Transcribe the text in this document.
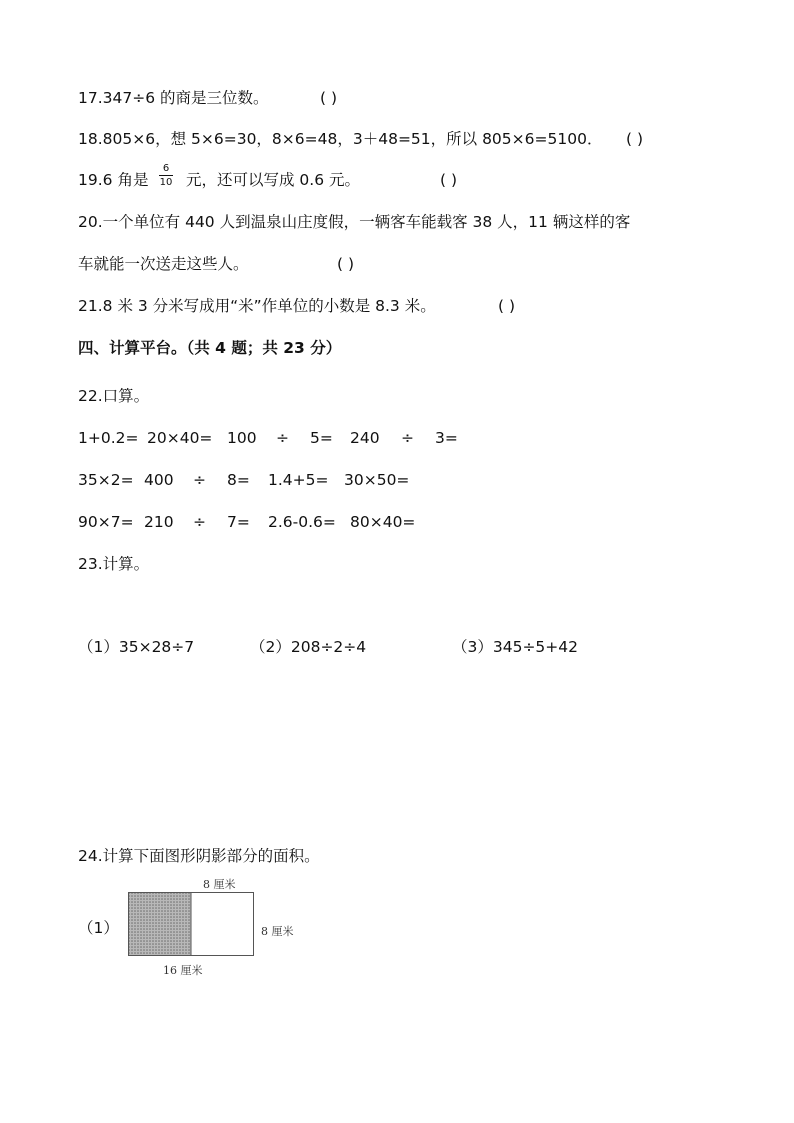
17.347÷6 的商是三位数。	( )
18.805×6，想 5×6=30，8×6=48，3＋48=51，所以 805×6=5100． ( )
19.6 角是
6
10 元，还可以写成 0.6 元。	( )
20.一个单位有 440 人到温泉山庄度假，一辆客车能载客 38 人，11 辆这样的客
车就能一次送走这些人。	( )
21.8 米 3 分米写成用“米”作单位的小数是 8.3 米。	( )
四、计算平台。（共 4 题；共 23 分）
22.口算。
1+0.2= 20×40= 100 ÷ 5= 240 ÷ 3=
35×2= 400 ÷ 8= 1.4+5= 30×50=
90×7= 210 ÷ 7= 2.6-0.6= 80×40=
23.计算。
（1）35×28÷7	（2）208÷2÷4	（3）345÷5+42
24.计算下面图形阴影部分的面积。
（1）
8 厘米
8 厘米
16 厘米
